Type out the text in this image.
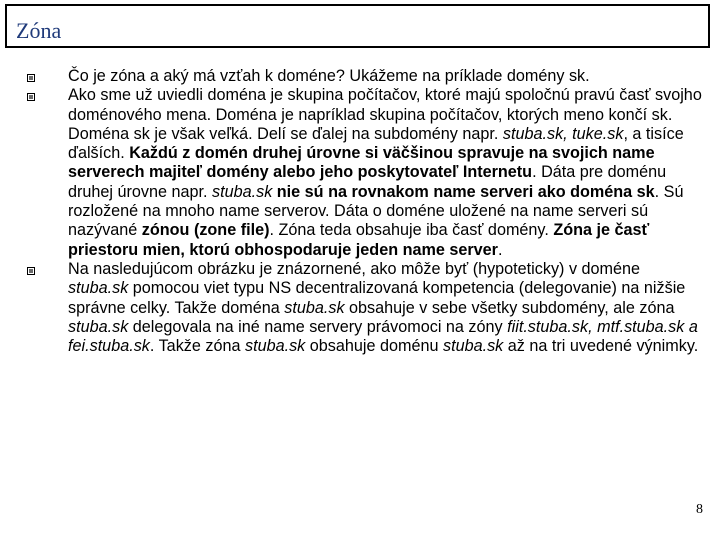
Zóna
Čo je zóna a aký má vzťah k doméne? Ukážeme na príklade domény sk.
Ako sme už uviedli doména je skupina počítačov, ktoré majú spoločnú pravú časť svojho doménového mena. Doména je napríklad skupina počítačov, ktorých meno končí sk. Doména sk je však veľká. Delí se ďalej na subdomény napr. stuba.sk, tuke.sk, a tisíce ďalších. Každú z domén druhej úrovne si väčšinou spravuje na svojich name serverech majiteľ domény alebo jeho poskytovateľ Internetu. Dáta pre doménu druhej úrovne napr. stuba.sk nie sú na rovnakom name serveri ako doména sk. Sú rozložené na mnoho name serverov. Dáta o doméne uložené na name serveri sú nazývané zónou (zone file). Zóna teda obsahuje iba časť domény. Zóna je časť priestoru mien, ktorú obhospodaruje jeden name server.
Na nasledujúcom obrázku je znázornené, ako môže byť (hypoteticky) v doméne stuba.sk pomocou viet typu NS decentralizovaná kompetencia (delegovanie) na nižšie správne celky. Takže doména stuba.sk obsahuje v sebe všetky subdomény, ale zóna stuba.sk delegovala na iné name servery právomoci na zóny fiit.stuba.sk, mtf.stuba.sk a fei.stuba.sk. Takže zóna stuba.sk obsahuje doménu stuba.sk až na tri uvedené výnimky.
8
